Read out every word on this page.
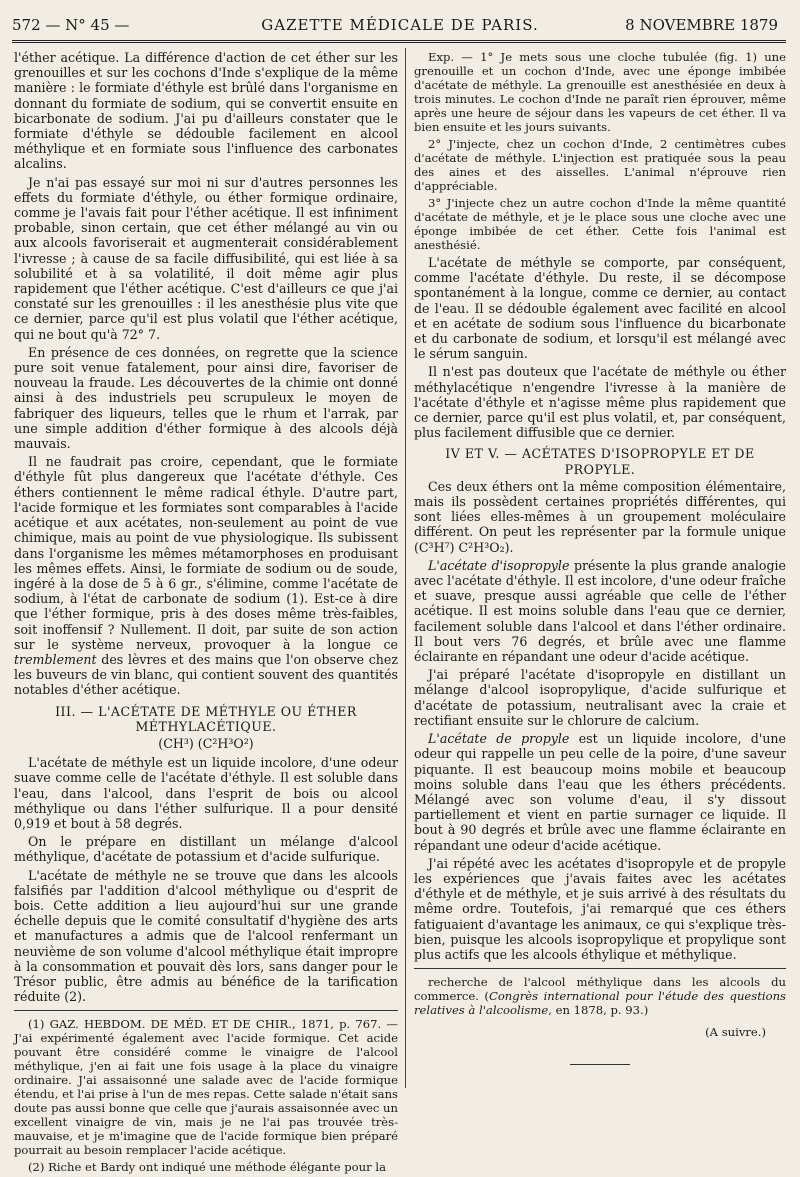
572 — N° 45 —	GAZETTE MÉDICALE DE PARIS.	8 NOVEMBRE 1879

l'éther acétique. La différence d'action de cet éther sur les grenouilles et sur les cochons d'Inde s'explique de la même manière : le formiate d'éthyle est brûlé dans l'organisme en donnant du formiate de sodium, qui se convertit ensuite en bicarbonate de sodium. J'ai pu d'ailleurs constater que le formiate d'éthyle se dédouble facilement en alcool méthylique et en formiate sous l'influence des carbonates alcalins.

Je n'ai pas essayé sur moi ni sur d'autres personnes les effets du formiate d'éthyle, ou éther formique ordinaire, comme je l'avais fait pour l'éther acétique. Il est infiniment probable, sinon certain, que cet éther mélangé au vin ou aux alcools favoriserait et augmenterait considérablement l'ivresse ; à cause de sa facile diffusibilité, qui est liée à sa solubilité et à sa volatilité, il doit même agir plus rapidement que l'éther acétique. C'est d'ailleurs ce que j'ai constaté sur les grenouilles : il les anesthésie plus vite que ce dernier, parce qu'il est plus volatil que l'éther acétique, qui ne bout qu'à 72° 7.

En présence de ces données, on regrette que la science pure soit venue fatalement, pour ainsi dire, favoriser de nouveau la fraude. Les découvertes de la chimie ont donné ainsi à des industriels peu scrupuleux le moyen de fabriquer des liqueurs, telles que le rhum et l'arrak, par une simple addition d'éther formique à des alcools déjà mauvais.

Il ne faudrait pas croire, cependant, que le formiate d'éthyle fût plus dangereux que l'acétate d'éthyle. Ces éthers contiennent le même radical éthyle. D'autre part, l'acide formique et les formiates sont comparables à l'acide acétique et aux acétates, non-seulement au point de vue chimique, mais au point de vue physiologique. Ils subissent dans l'organisme les mêmes métamorphoses en produisant les mêmes effets. Ainsi, le formiate de sodium ou de soude, ingéré à la dose de 5 à 6 gr., s'élimine, comme l'acétate de sodium, à l'état de carbonate de sodium (1). Est-ce à dire que l'éther formique, pris à des doses même très-faibles, soit inoffensif ? Nullement. Il doit, par suite de son action sur le système nerveux, provoquer à la longue ce tremblement des lèvres et des mains que l'on observe chez les buveurs de vin blanc, qui contient souvent des quantités notables d'éther acétique.

III. — L'ACÉTATE DE MÉTHYLE OU ÉTHER MÉTHYLACÉTIQUE.
(CH³) (C²H³O²)

L'acétate de méthyle est un liquide incolore, d'une odeur suave comme celle de l'acétate d'éthyle. Il est soluble dans l'eau, dans l'alcool, dans l'esprit de bois ou alcool méthylique ou dans l'éther sulfurique. Il a pour densité 0,919 et bout à 58 degrés.

On le prépare en distillant un mélange d'alcool méthylique, d'acétate de potassium et d'acide sulfurique.

L'acétate de méthyle ne se trouve que dans les alcools falsifiés par l'addition d'alcool méthylique ou d'esprit de bois. Cette addition a lieu aujourd'hui sur une grande échelle depuis que le comité consultatif d'hygiène des arts et manufactures a admis que de l'alcool renfermant un neuvième de son volume d'alcool méthylique était impropre à la consommation et pouvait dès lors, sans danger pour le Trésor public, être admis au bénéfice de la tarification réduite (2).

(1) GAZ. HEBDOM. DE MÉD. ET DE CHIR., 1871, p. 767. — J'ai expérimenté également avec l'acide formique. Cet acide pouvant être considéré comme le vinaigre de l'alcool méthylique, j'en ai fait une fois usage à la place du vinaigre ordinaire. J'ai assaisonné une salade avec de l'acide formique étendu, et l'ai prise à l'un de mes repas. Cette salade n'était sans doute pas aussi bonne que celle que j'aurais assaisonnée avec un excellent vinaigre de vin, mais je ne l'ai pas trouvée très-mauvaise, et je m'imagine que de l'acide formique bien préparé pourrait au besoin remplacer l'acide acétique.

(2) Riche et Bardy ont indiqué une méthode élégante pour la

Exp. — 1° Je mets sous une cloche tubulée (fig. 1) une grenouille et un cochon d'Inde, avec une éponge imbibée d'acétate de méthyle. La grenouille est anesthésiée en deux à trois minutes. Le cochon d'Inde ne paraît rien éprouver, même après une heure de séjour dans les vapeurs de cet éther. Il va bien ensuite et les jours suivants.

2° J'injecte, chez un cochon d'Inde, 2 centimètres cubes d'acétate de méthyle. L'injection est pratiquée sous la peau des aines et des aisselles. L'animal n'éprouve rien d'appréciable.

3° J'injecte chez un autre cochon d'Inde la même quantité d'acétate de méthyle, et je le place sous une cloche avec une éponge imbibée de cet éther. Cette fois l'animal est anesthésié.

L'acétate de méthyle se comporte, par conséquent, comme l'acétate d'éthyle. Du reste, il se décompose spontanément à la longue, comme ce dernier, au contact de l'eau. Il se dédouble également avec facilité en alcool et en acétate de sodium sous l'influence du bicarbonate et du carbonate de sodium, et lorsqu'il est mélangé avec le sérum sanguin.

Il n'est pas douteux que l'acétate de méthyle ou éther méthylacétique n'engendre l'ivresse à la manière de l'acétate d'éthyle et n'agisse même plus rapidement que ce dernier, parce qu'il est plus volatil, et, par conséquent, plus facilement diffusible que ce dernier.

IV ET V. — ACÉTATES D'ISOPROPYLE ET DE PROPYLE.

Ces deux éthers ont la même composition élémentaire, mais ils possèdent certaines propriétés différentes, qui sont liées elles-mêmes à un groupement moléculaire différent. On peut les représenter par la formule unique (C³H⁷) C²H³O₂).

L'acétate d'isopropyle présente la plus grande analogie avec l'acétate d'éthyle. Il est incolore, d'une odeur fraîche et suave, presque aussi agréable que celle de l'éther acétique. Il est moins soluble dans l'eau que ce dernier, facilement soluble dans l'alcool et dans l'éther ordinaire. Il bout vers 76 degrés, et brûle avec une flamme éclairante en répandant une odeur d'acide acétique.

J'ai préparé l'acétate d'isopropyle en distillant un mélange d'alcool isopropylique, d'acide sulfurique et d'acétate de potassium, neutralisant avec la craie et rectifiant ensuite sur le chlorure de calcium.

L'acétate de propyle est un liquide incolore, d'une odeur qui rappelle un peu celle de la poire, d'une saveur piquante. Il est beaucoup moins mobile et beaucoup moins soluble dans l'eau que les éthers précédents. Mélangé avec son volume d'eau, il s'y dissout partiellement et vient en partie surnager ce liquide. Il bout à 90 degrés et brûle avec une flamme éclairante en répandant une odeur d'acide acétique.

J'ai répété avec les acétates d'isopropyle et de propyle les expériences que j'avais faites avec les acétates d'éthyle et de méthyle, et je suis arrivé à des résultats du même ordre. Toutefois, j'ai remarqué que ces éthers fatiguaient d'avantage les animaux, ce qui s'explique très-bien, puisque les alcools isopropylique et propylique sont plus actifs que les alcools éthylique et méthylique.

recherche de l'alcool méthylique dans les alcools du commerce. (Congrès international pour l'étude des questions relatives à l'alcoolisme, en 1878, p. 93.)

(A suivre.)
